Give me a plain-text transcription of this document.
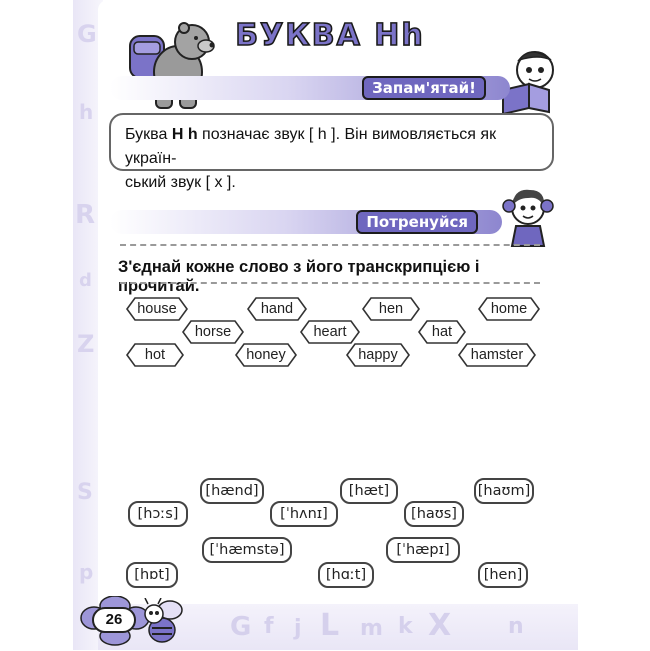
G
h
R
d
Z
S
p
G f j L m k X	n
БУКВА Hh
Запам'ятай!
Буква H h позначає звук [ h ]. Він вимовляється як україн-
ський звук [ х ].
Потренуйся
З'єднай кожне слово з його транскрипцією і прочитай.
house	hand	hen	home
horse	heart	hat
hot	honey	happy	hamster
[hænd]	[hæt]	[haʊm]
[hɔːs]	[ˈhʌnɪ]	[haʊs]
[ˈhæmstə]	[ˈhæpɪ]
[hɒt]	[hɑːt]	[hen]
26
